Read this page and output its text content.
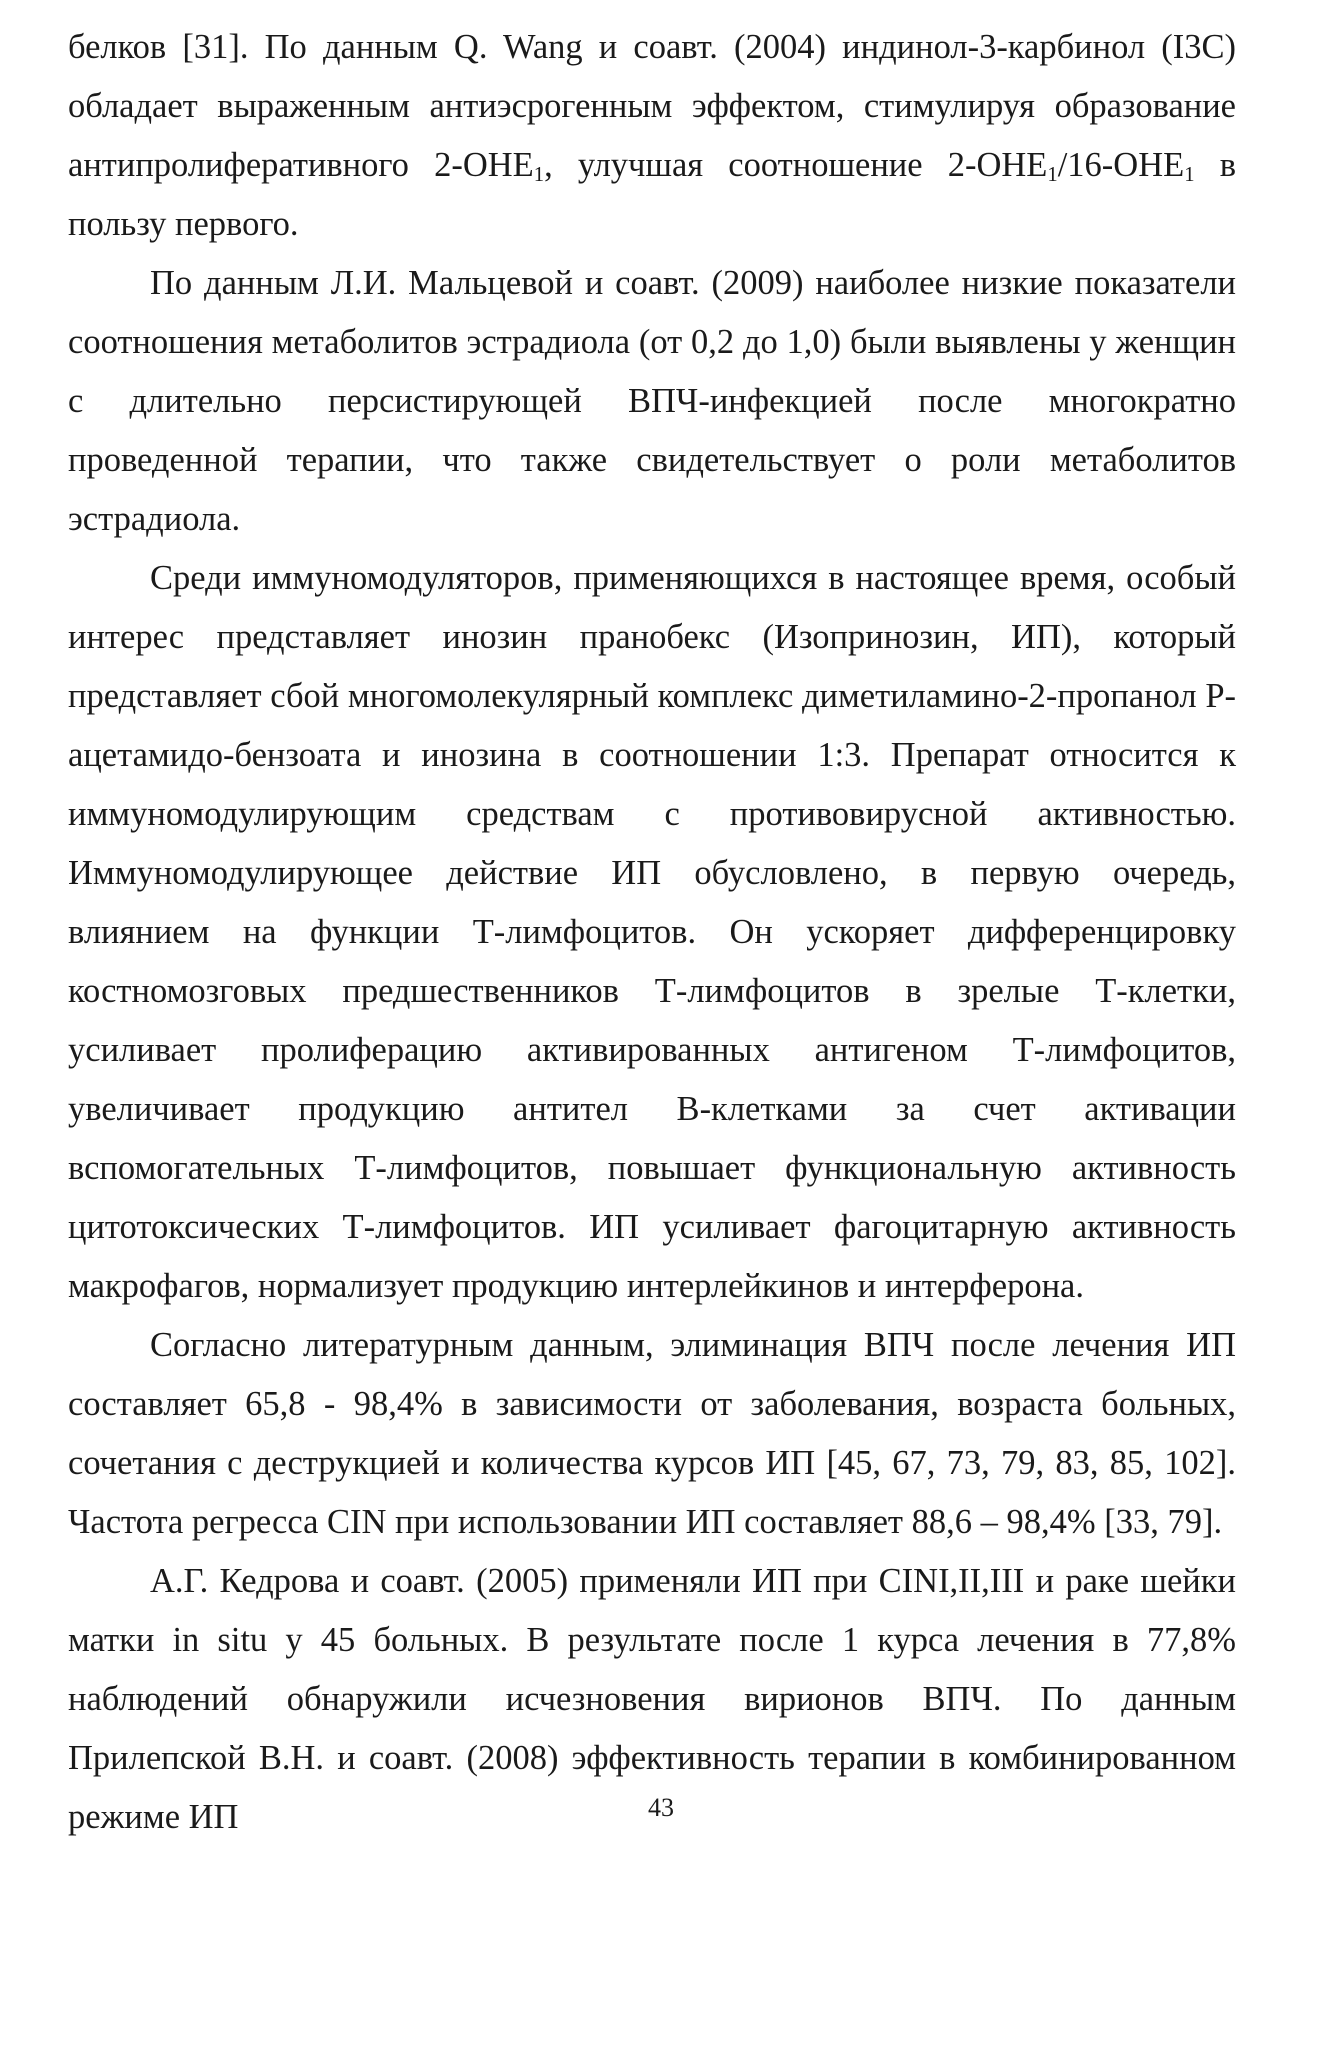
белков [31]. По данным Q. Wang и соавт. (2004) индинол-3-карбинол (I3C) обладает выраженным антиэсрогенным эффектом, стимулируя образование антипролиферативного $2-ОНЕ_1$, улучшая соотношение $2-ОНЕ_1/16-ОНЕ_1$ в пользу первого.

По данным Л.И. Мальцевой и соавт. (2009) наиболее низкие показатели соотношения метаболитов эстрадиола (от 0,2 до 1,0) были выявлены у женщин с длительно персистирующей ВПЧ-инфекцией после многократно проведенной терапии, что также свидетельствует о роли метаболитов эстрадиола.

Среди иммуномодуляторов, применяющихся в настоящее время, особый интерес представляет инозин пранобекс (Изопринозин, ИП), который представляет сбой многомолекулярный комплекс диметиламино-2-пропанол Р-ацетамидо-бензоата и инозина в соотношении 1:3. Препарат относится к иммуномодулирующим средствам с противовирусной активностью. Иммуномодулирующее действие ИП обусловлено, в первую очередь, влиянием на функции Т-лимфоцитов. Он ускоряет дифференцировку костномозговых предшественников Т-лимфоцитов в зрелые Т-клетки, усиливает пролиферацию активированных антигеном Т-лимфоцитов, увеличивает продукцию антител В-клетками за счет активации вспомогательных Т-лимфоцитов, повышает функциональную активность цитотоксических Т-лимфоцитов. ИП усиливает фагоцитарную активность макрофагов, нормализует продукцию интерлейкинов и интерферона.

Согласно литературным данным, элиминация ВПЧ после лечения ИП составляет 65,8 - 98,4% в зависимости от заболевания, возраста больных, сочетания с деструкцией и количества курсов ИП [45, 67, 73, 79, 83, 85, 102]. Частота регресса CIN при использовании ИП составляет 88,6 – 98,4% [33, 79].

А.Г. Кедрова и соавт. (2005) применяли ИП при CINI,II,III и раке шейки матки in situ у 45 больных. В результате после 1 курса лечения в 77,8% наблюдений обнаружили исчезновения вирионов ВПЧ. По данным Прилепской В.Н. и соавт. (2008) эффективность терапии в комбинированном режиме ИП	43
